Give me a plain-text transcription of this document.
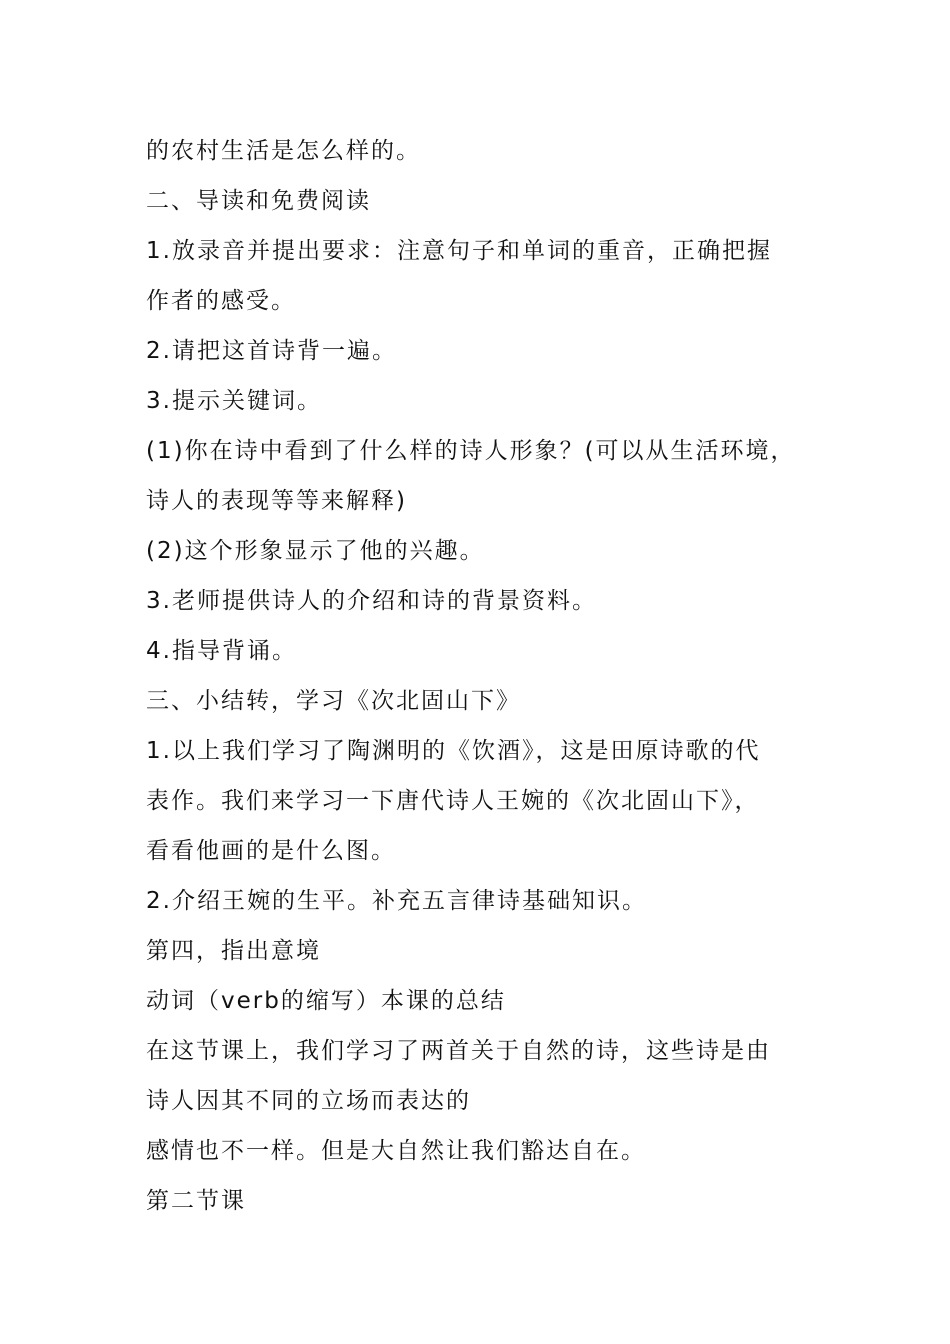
的农村生活是怎么样的。
二、导读和免费阅读
1.放录音并提出要求：注意句子和单词的重音，正确把握
作者的感受。
2.请把这首诗背一遍。
3.提示关键词。
(1)你在诗中看到了什么样的诗人形象？(可以从生活环境，
诗人的表现等等来解释)
(2)这个形象显示了他的兴趣。
3.老师提供诗人的介绍和诗的背景资料。
4.指导背诵。
三、小结转，学习《次北固山下》
1.以上我们学习了陶渊明的《饮酒》，这是田原诗歌的代
表作。我们来学习一下唐代诗人王婉的《次北固山下》，
看看他画的是什么图。
2.介绍王婉的生平。补充五言律诗基础知识。
第四，指出意境
动词（verb的缩写）本课的总结
在这节课上，我们学习了两首关于自然的诗，这些诗是由
诗人因其不同的立场而表达的
感情也不一样。但是大自然让我们豁达自在。
第二节课
